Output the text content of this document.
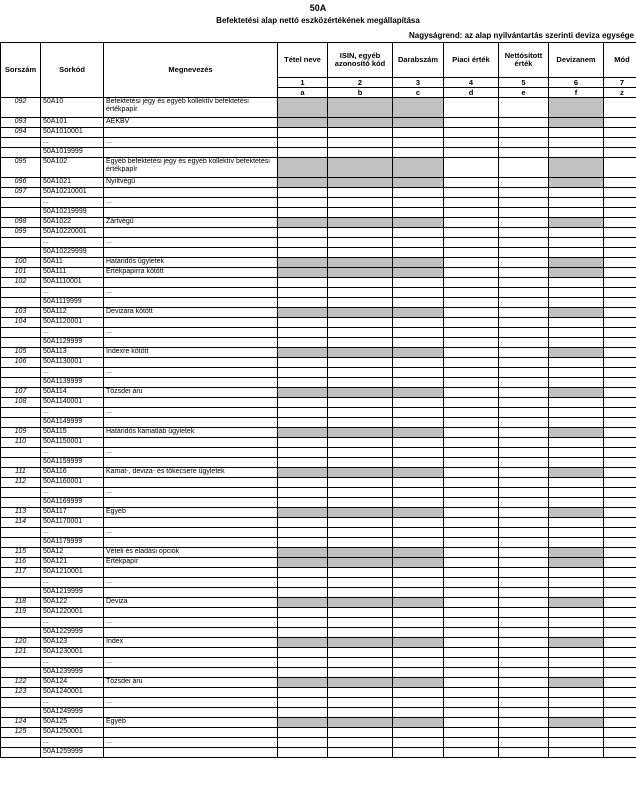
50A
Befektetési alap nettó eszközértékének megállapítása
Nagyságrend: az alap nyilvántartás szerinti deviza egysége
Sorszám	Sorkód	Megnevezés	Tétel neve	ISIN, egyéb azonosító kód	Darabszám	Piaci érték	Nettósított érték	Devizanem	Mód
			1	2	3	4	5	6	7
			a	b	c	d	e	f	z
092	50A10	Befektetési jegy és egyéb kollektív befektetési értékpapír							
093	50A101	ÁEKBV							
094	50A1010001								
	...	...							
	50A1019999								
095	50A102	Egyéb befektetési jegy és egyéb kollektív befektetési értékpapír							
096	50A1021	Nyíltvégű							
097	50A10210001								
	...	...							
	50A10219999								
098	50A1022	Zártvégű							
099	50A10220001								
	...	...							
	50A10229999								
100	50A11	Határidős ügyletek							
101	50A111	Értékpapírra kötött							
102	50A1110001								
	...	...							
	50A1119999								
103	50A112	Devizára kötött							
104	50A1120001								
	...	...							
	50A1129999								
105	50A113	Indexre kötött							
106	50A1130001								
	...	...							
	50A1139999								
107	50A114	Tőzsdei áru							
108	50A1140001								
	...	...							
	50A1149999								
109	50A115	Határidős kamatláb ügyletek							
110	50A1150001								
	...	...							
	50A1159999								
111	50A116	Kamat-, deviza- és tőkecsere ügyletek							
112	50A1160001								
	...	...							
	50A1169999								
113	50A117	Egyéb							
114	50A1170001								
	...	...							
	50A1179999								
115	50A12	Vételi és eladási opciók							
116	50A121	Értékpapír							
117	50A1210001								
	...	...							
	50A1219999								
118	50A122	Deviza							
119	50A1220001								
	...	...							
	50A1229999								
120	50A123	Index							
121	50A1230001								
	...	...							
	50A1239999								
122	50A124	Tőzsdei áru							
123	50A1240001								
	...	...							
	50A1249999								
124	50A125	Egyéb							
125	50A1250001								
	...	...							
	50A1259999								
